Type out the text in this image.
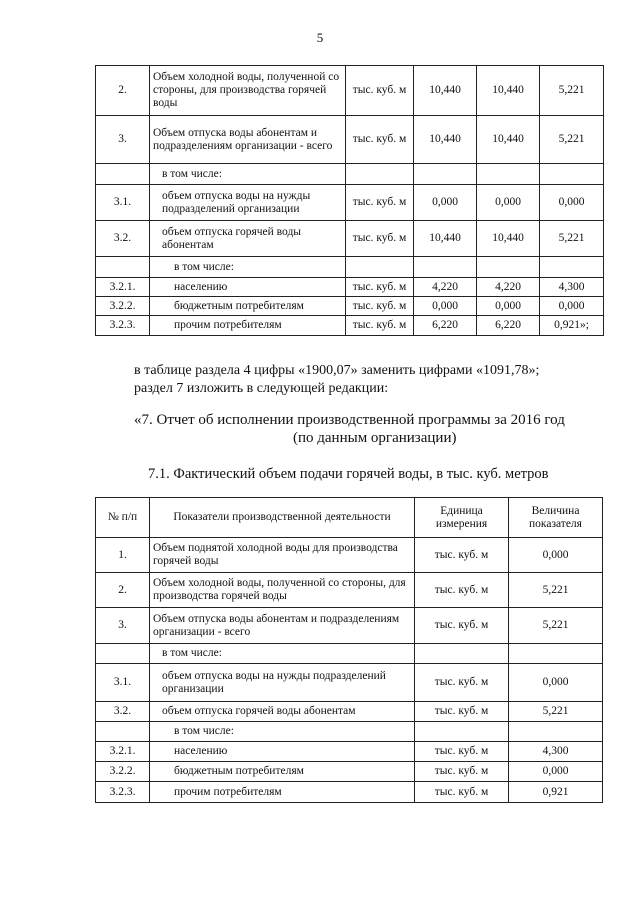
5
2.	Объем холодной воды, полученной со стороны, для производства горячей воды	тыс. куб. м	10,440	10,440	5,221
3.	Объем отпуска воды абонентам и подразделениям организации - всего	тыс. куб. м	10,440	10,440	5,221
	в том числе:				
3.1.	объем отпуска воды на нужды подразделений организации	тыс. куб. м	0,000	0,000	0,000
3.2.	объем отпуска горячей воды абонентам	тыс. куб. м	10,440	10,440	5,221
	в том числе:				
3.2.1.	населению	тыс. куб. м	4,220	4,220	4,300
3.2.2.	бюджетным потребителям	тыс. куб. м	0,000	0,000	0,000
3.2.3.	прочим потребителям	тыс. куб. м	6,220	6,220	0,921»;
в таблице раздела 4 цифры «1900,07» заменить цифрами «1091,78»;
раздел 7 изложить в следующей редакции:
«7. Отчет об исполнении производственной программы за 2016 год
(по данным организации)
7.1. Фактический объем подачи горячей воды, в тыс. куб. метров
№ п/п	Показатели производственной деятельности	Единица измерения	Величина показателя
1.	Объем поднятой холодной воды для производства горячей воды	тыс. куб. м	0,000
2.	Объем холодной воды, полученной со стороны, для производства горячей воды	тыс. куб. м	5,221
3.	Объем отпуска воды абонентам и подразделениям организации - всего	тыс. куб. м	5,221
	в том числе:		
3.1.	объем отпуска воды на нужды подразделений организации	тыс. куб. м	0,000
3.2.	объем отпуска горячей воды абонентам	тыс. куб. м	5,221
	в том числе:		
3.2.1.	населению	тыс. куб. м	4,300
3.2.2.	бюджетным потребителям	тыс. куб. м	0,000
3.2.3.	прочим потребителям	тыс. куб. м	0,921
